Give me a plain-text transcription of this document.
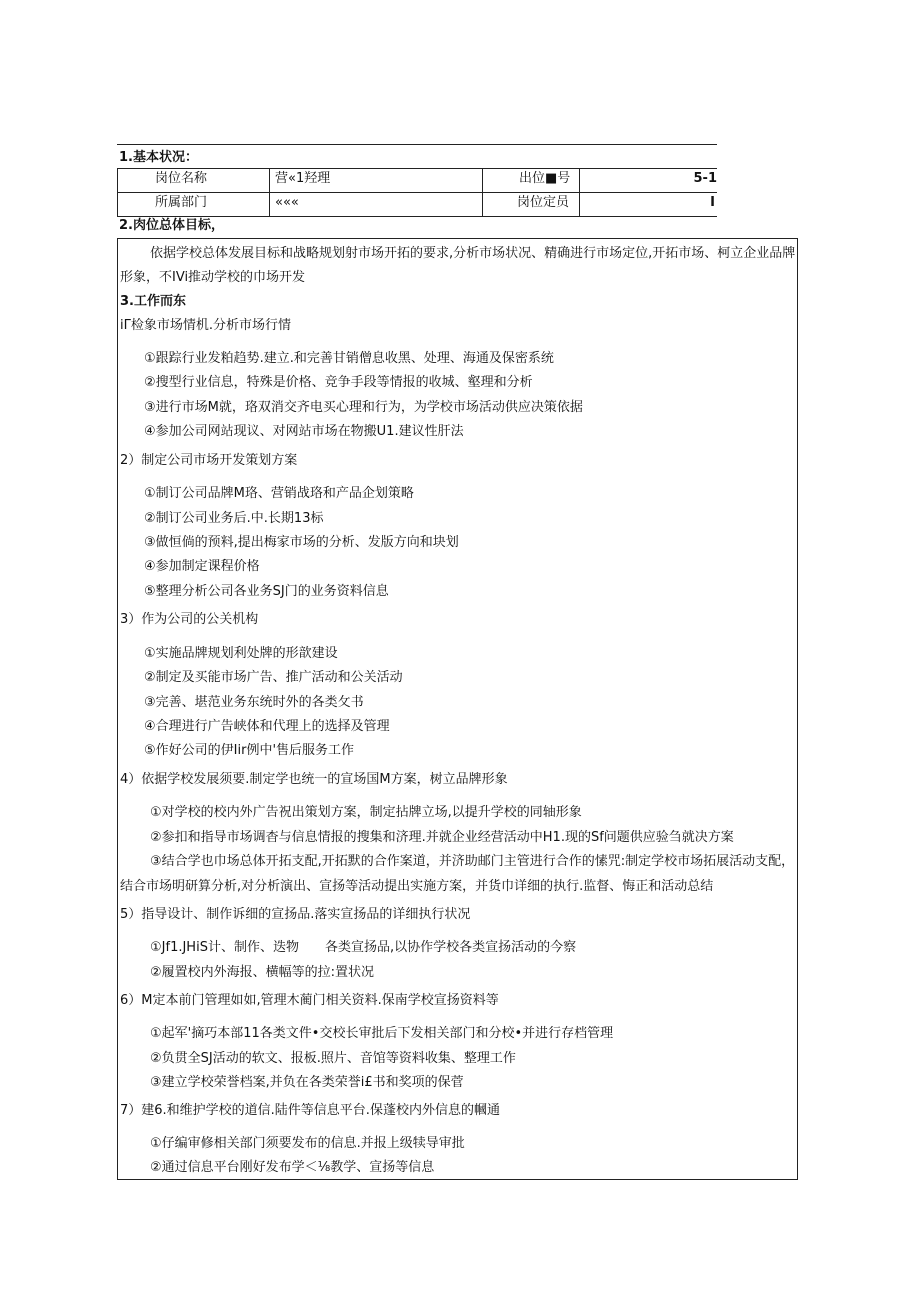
1.基本状况：
岗位名称	营«1羟理	出位■号	5-1
所属部门	«««	岗位定员	I
2.肉位总体目标，
依据学校总体发展目标和战略规划射市场开拓的要求,分析市场状况、精确进行市场定位,开拓市场、柯立企业品牌
形象，不IVi推动学校的巾场开发
3.工作而东
iΓ检象市场情机.分析市场行情
①跟踪行业发粕趋势.建立.和完善甘销僧息收黑、处理、海通及保密系统
②搜型行业信息，特殊是价格、竞争手段等情报的收城、壑理和分析
③进行市场M就，珞双消交齐电买心理和行为，为学校市场活动供应决策依据
④参加公司网站现议、对网站市场在物搬U1.建议性肝法
2）制定公司市场开发策划方案
①制订公司品牌M珞、营销战珞和产品企划策略
②制订公司业务后.中.长期13标
③做恒倘的预料,提出梅家市场的分析、发版方向和块划
④参加制定课程价格
⑤整理分析公司各业务SJ门的业务资料信息
3）作为公司的公关机构
①实施品牌规划利处牌的形歆建设
②制定及买能市场广告、推广活动和公关活动
③完善、堪范业务东统时外的各类攵书
④合理进行广告峡体和代理上的选择及管理
⑤作好公司的伊Iir例中'售后服务工作
4）依据学校发展须要.制定学也统一的宣场国M方案，树立品牌形象
①对学校的校内外广告祝出策划方案，制定拈牌立场,以提升学校的同轴形象
②参扣和指导市场调杳与信息情报的搜集和济理.并就企业经营活动中H1.现的Sf问题供应验刍就决方案
③结合学也巾场总体开拓支配,开拓默的合作案道，并济助邮门主管进行合作的愫咒:制定学校市场拓展活动支配，
结合市场明研算分析,对分析演出、宣扬等活动提出实施方案，并货巾详细的执行.监督、悔正和活动总结
5）指导设计、制作诉细的宣扬品.落实宣扬品的详细执行状况
①Jf1.JHiS计、制作、迭物　　各类宣扬品,以协作学校各类宣扬活动的今察
②履置校内外海报、横幅等的拉:置状况
6）M定本前门管理如如,管理木蔺门相关资料.保南学校宣扬资料等
①起军'摘巧本部11各类文件•交校长审批后下发相关部门和分校•并进行存档管理
②负贯全SJ活动的软文、报板.照片、音馆等资料收集、整理工作
③建立学校荣誉档案,并负在各类荣誉i£书和奖项的保菅
7）建6.和维护学校的道信.陆件等信息平台.保蓬校内外信息的幗通
①仔编审修相关部门须要发布的信息.并报上级犊导审批
②通过信息平台刚好发布学＜⅛教学、宣扬等信息
